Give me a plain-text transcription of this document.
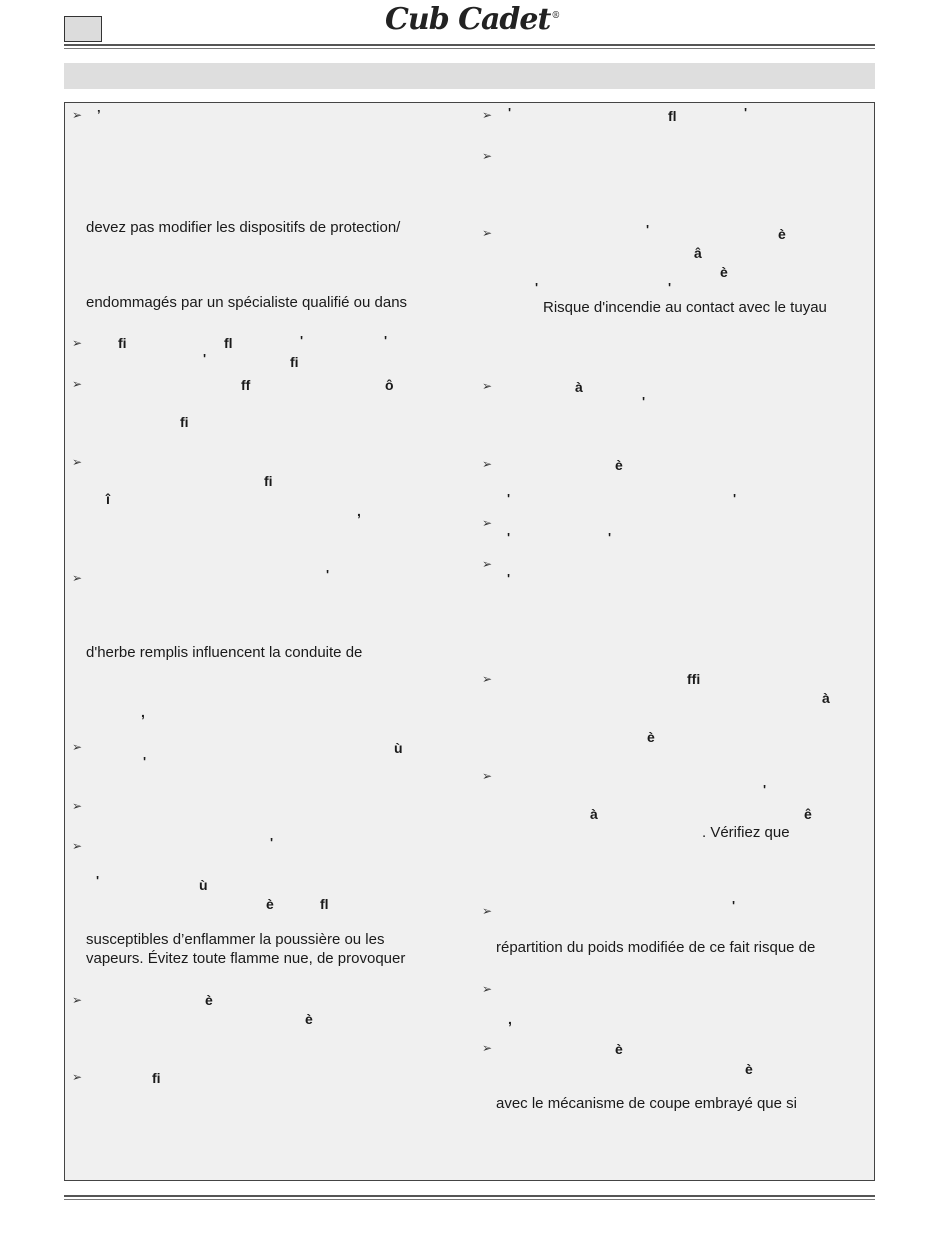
Cub Cadet®
➢
➢
➢
➢
➢
➢
➢
➢
➢
➢
’
devez pas modifier les dispositifs de protection/
endommagés par un spécialiste qualifié ou dans
fi	fl	'	'
'	fi
ff	ô
fi
fi
î
,
'
d'herbe remplis influencent la conduite de
,
ù
'
'
'	ù
è	fl
susceptibles d’enflammer la poussière ou les
vapeurs. Évitez toute flamme nue, de provoquer
è
è
fi
➢
➢
➢
➢
➢
➢
➢
➢
➢
➢
➢
➢
'	fl	'
'	è
â
è
'	'
Risque d'incendie au contact avec le tuyau
à
'
è
'	'
'	'
'
ffi
à
è
'
à	ê
. Vérifiez que
'
répartition du poids modifiée de ce fait risque de
,
è
è
avec le mécanisme de coupe embrayé que si
